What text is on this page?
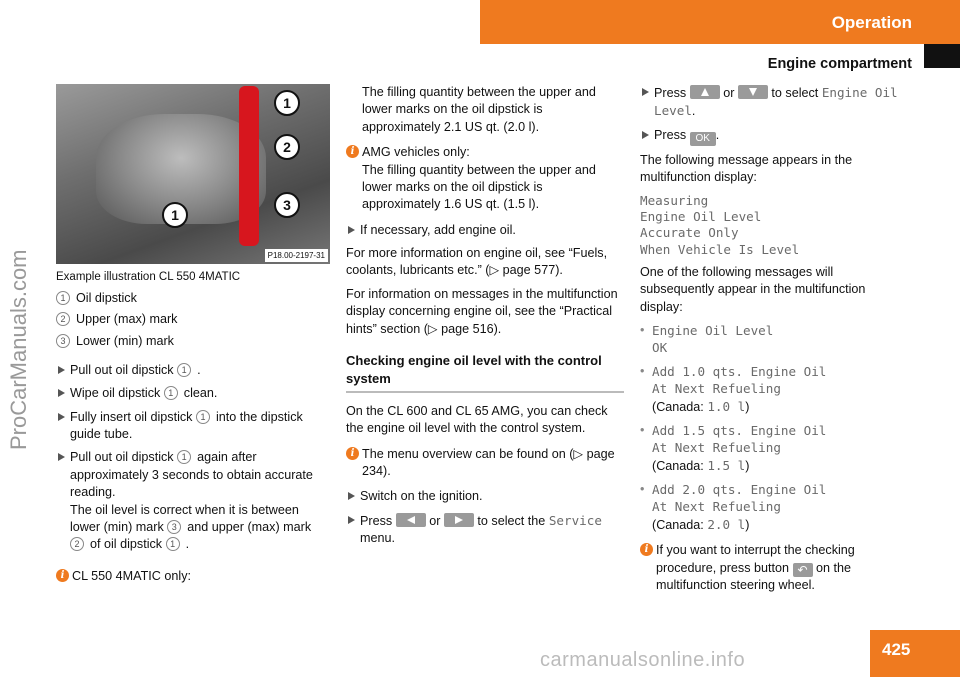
Operation
Engine compartment
ProCarManuals.com
carmanualsonline.info	425
1
2
3
1
P18.00-2197-31
Example illustration CL 550 4MATIC
1 Oil dipstick
2 Upper (max) mark
3 Lower (min) mark
Pull out oil dipstick 1 .
Wipe oil dipstick 1 clean.
Fully insert oil dipstick 1 into the dipstick guide tube.
Pull out oil dipstick 1 again after approximately 3 seconds to obtain accurate reading.
The oil level is correct when it is between lower (min) mark 3 and upper (max) mark
2 of oil dipstick 1 .
i CL 550 4MATIC only:

The filling quantity between the upper and lower marks on the oil dipstick is approximately 2.1 US qt. (2.0 l).

i AMG vehicles only:
The filling quantity between the upper and lower marks on the oil dipstick is approximately 1.6 US qt. (1.5 l).
If necessary, add engine oil.

For more information on engine oil, see “Fuels, coolants, lubricants etc.” (▷ page 577).

For information on messages in the multifunction display concerning engine oil, see the “Practical hints” section (▷ page 516).

Checking engine oil level with the control system

On the CL 600 and CL 65 AMG, you can check the engine oil level with the control system.

i The menu overview can be found on (▷ page 234).
Switch on the ignition.
Press	or	to select the Service menu.
Press	or	to select Engine Oil Level.
Press OK .

The following message appears in the multifunction display:

Measuring
Engine Oil Level
Accurate Only
When Vehicle Is Level

One of the following messages will subsequently appear in the multifunction display:

• Engine Oil Level
OK
• Add 1.0 qts. Engine Oil
At Next Refueling
(Canada: 1.0 l)
• Add 1.5 qts. Engine Oil
At Next Refueling
(Canada: 1.5 l)
• Add 2.0 qts. Engine Oil
At Next Refueling
(Canada: 2.0 l)
i If you want to interrupt the checking procedure, press button ↶ on the multifunction steering wheel.
